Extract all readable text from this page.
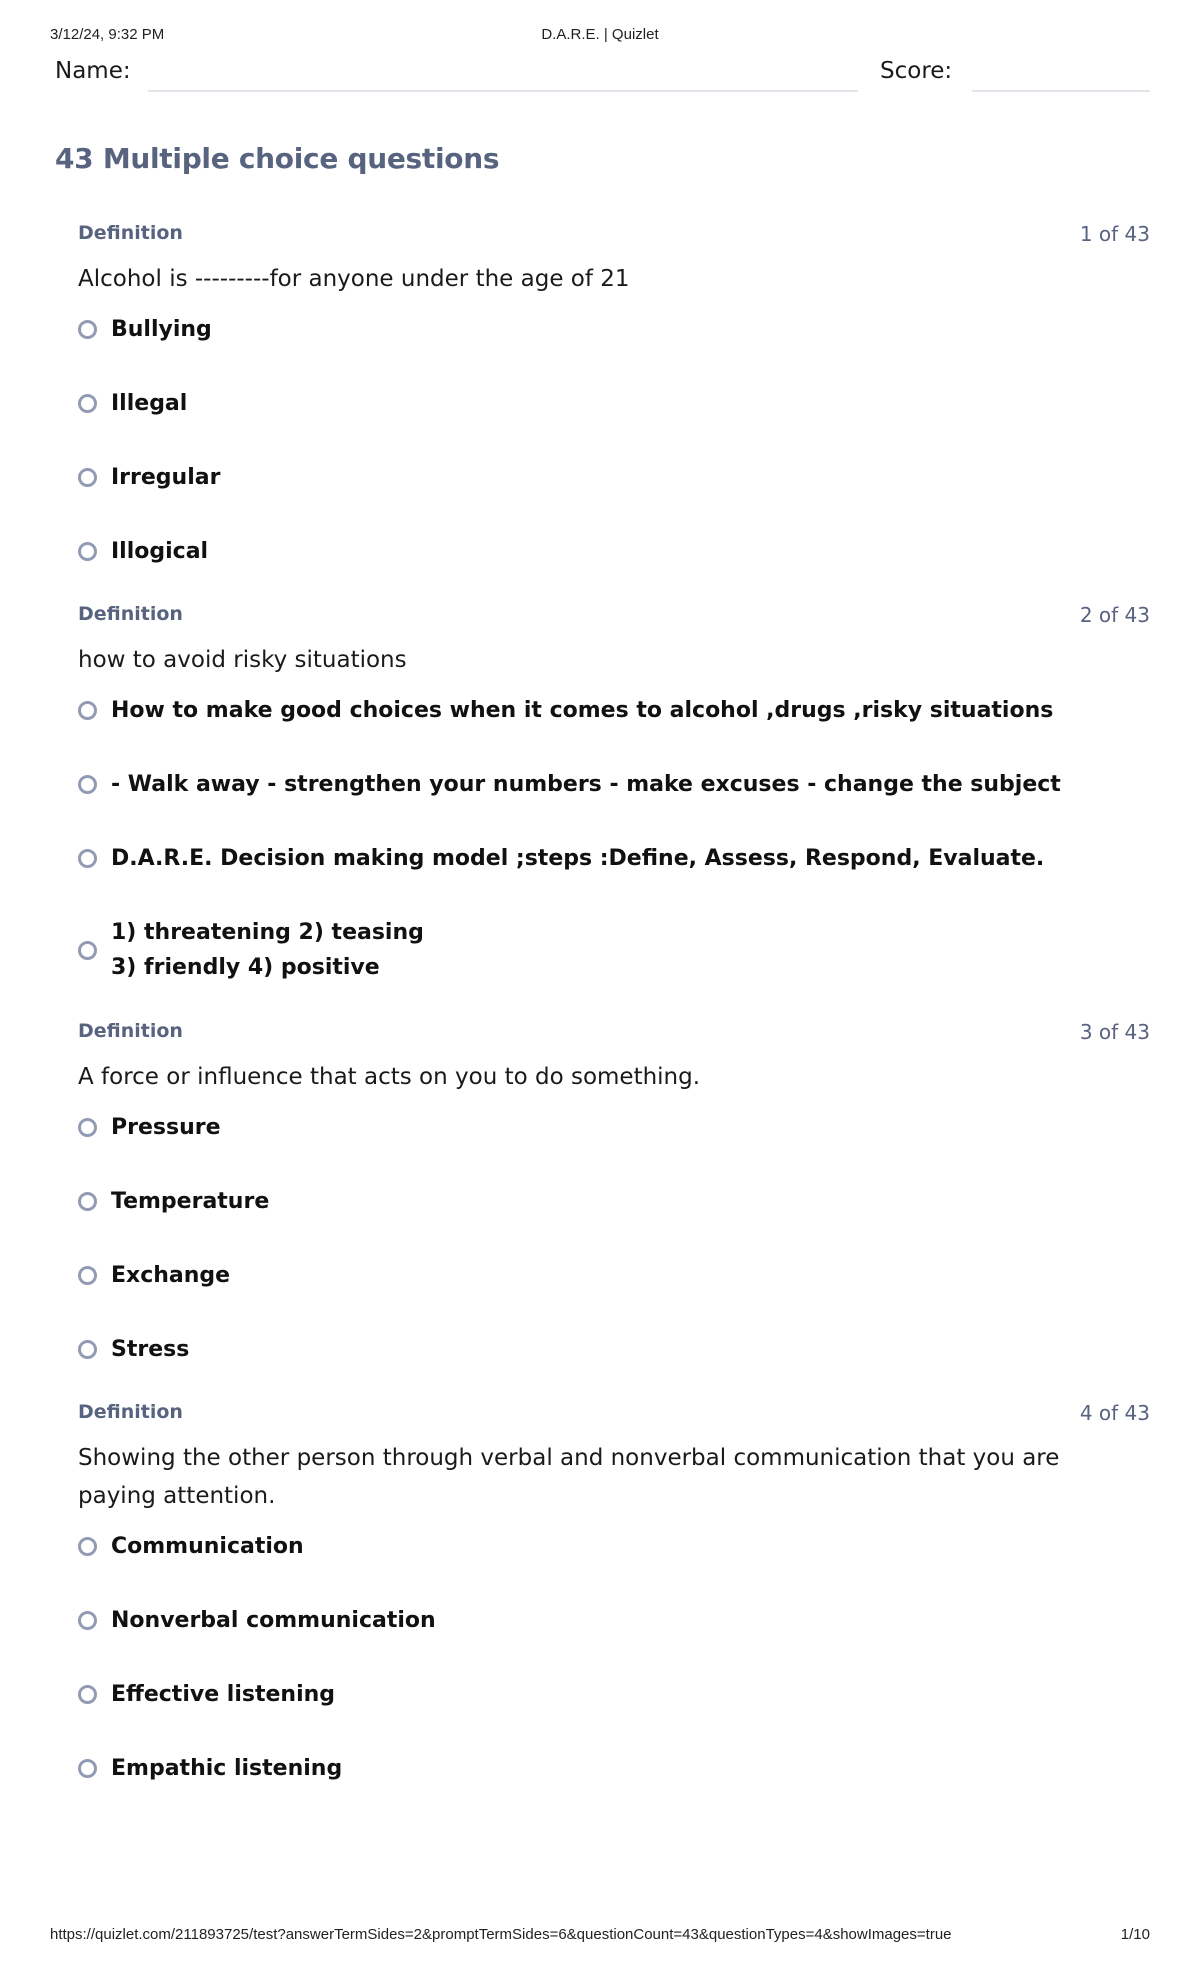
3/12/24, 9:32 PM	D.A.R.E. | Quizlet
Name:	Score:
43 Multiple choice questions
Definition	1 of 43
Alcohol is ---------for anyone under the age of 21
Bullying
Illegal
Irregular
Illogical
Definition	2 of 43
how to avoid risky situations
How to make good choices when it comes to alcohol ,drugs ,risky situations
- Walk away - strengthen your numbers - make excuses - change the subject
D.A.R.E. Decision making model ;steps :Define, Assess, Respond, Evaluate.
1) threatening 2) teasing
3) friendly 4) positive
Definition	3 of 43
A force or influence that acts on you to do something.
Pressure
Temperature
Exchange
Stress
Definition	4 of 43
Showing the other person through verbal and nonverbal communication that you are paying attention.
Communication
Nonverbal communication
Effective listening
Empathic listening
https://quizlet.com/211893725/test?answerTermSides=2&promptTermSides=6&questionCount=43&questionTypes=4&showImages=true	1/10
